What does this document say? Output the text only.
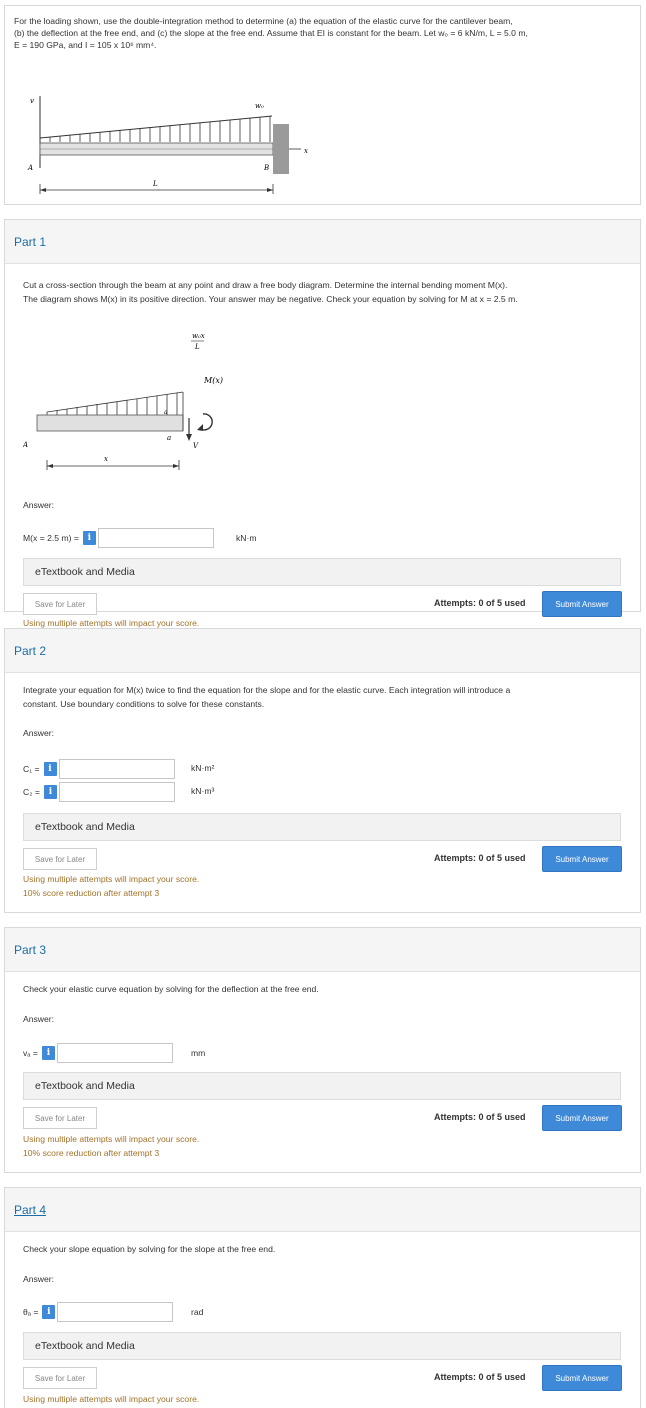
For the loading shown, use the double-integration method to determine (a) the equation of the elastic curve for the cantilever beam,
(b) the deflection at the free end, and (c) the slope at the free end. Assume that EI is constant for the beam. Let w₀ = 6 kN/m, L = 5.0 m,
E = 190 GPa, and I = 105 x 10⁶ mm⁴.
v
w₀
x
A	B
L
Part 1
Cut a cross-section through the beam at any point and draw a free body diagram. Determine the internal bending moment M(x).
The diagram shows M(x) in its positive direction. Your answer may be negative. Check your equation by solving for M at x = 2.5 m.
w₀x
L
a
a
V
M(x)
A
x
Answer:
M(x = 2.5 m) = i	kN·m
eTextbook and Media
Save for Later	Attempts: 0 of 5 used	Submit Answer
Using multiple attempts will impact your score.
Part 2
Integrate your equation for M(x) twice to find the equation for the slope and for the elastic curve. Each integration will introduce a
constant. Use boundary conditions to solve for these constants.
Answer:
C₁ = i	kN·m²
C₂ = i	kN·m³
eTextbook and Media
Save for Later	Attempts: 0 of 5 used	Submit Answer
Using multiple attempts will impact your score.
10% score reduction after attempt 3
Part 3
Check your elastic curve equation by solving for the deflection at the free end.
Answer:
vₐ = i	mm
eTextbook and Media
Save for Later	Attempts: 0 of 5 used	Submit Answer
Using multiple attempts will impact your score.
10% score reduction after attempt 3
Part 4
Check your slope equation by solving for the slope at the free end.
Answer:
θₐ = i	rad
eTextbook and Media
Save for Later	Attempts: 0 of 5 used	Submit Answer
Using multiple attempts will impact your score.
